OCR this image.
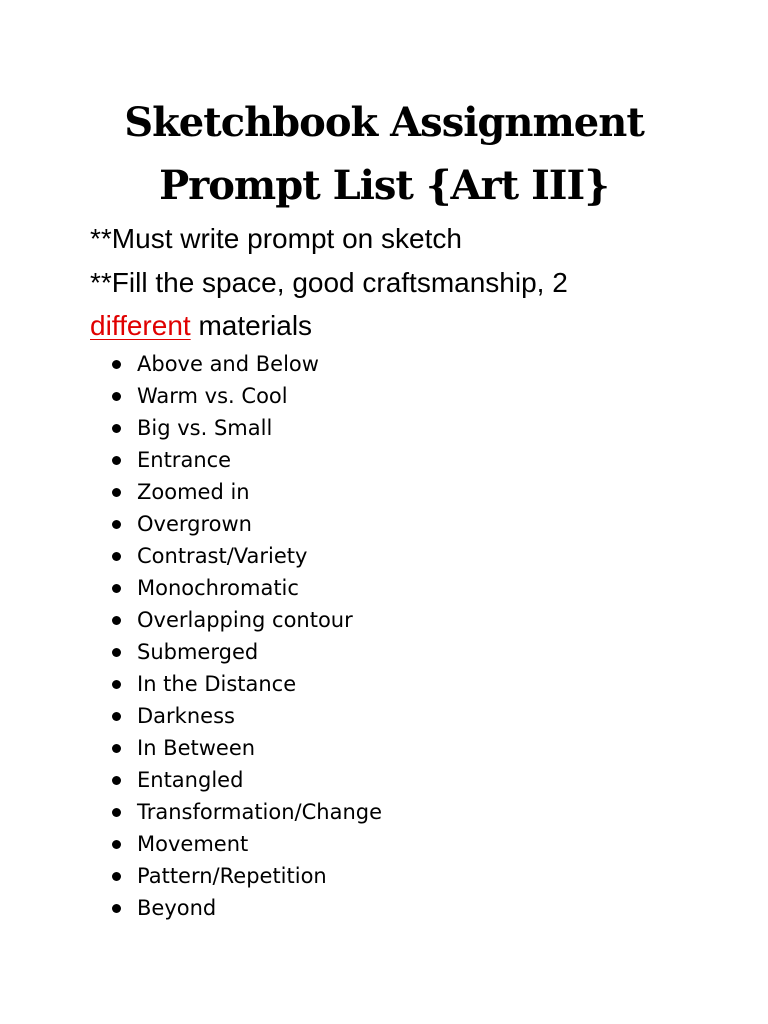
Sketchbook Assignment
Prompt List {Art III}
**Must write prompt on sketch
**Fill the space, good craftsmanship, 2
different materials
Above and Below
Warm vs. Cool
Big vs. Small
Entrance
Zoomed in
Overgrown
Contrast/Variety
Monochromatic
Overlapping contour
Submerged
In the Distance
Darkness
In Between
Entangled
Transformation/Change
Movement
Pattern/Repetition
Beyond
